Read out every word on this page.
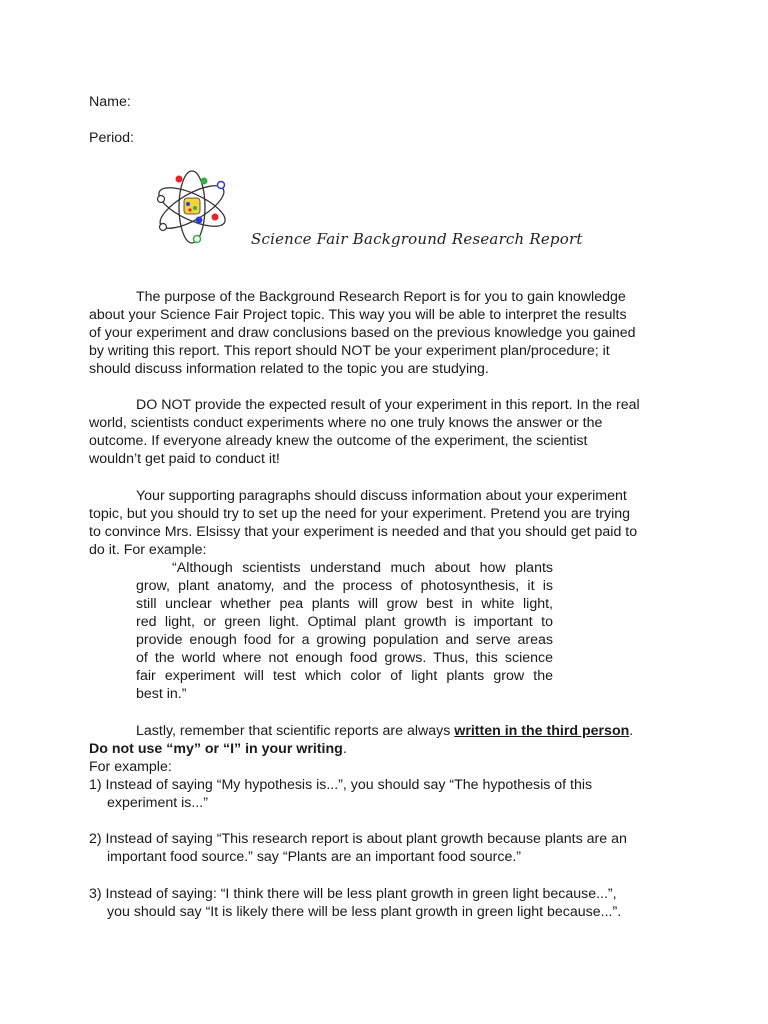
Name:
Period:
Science Fair Background Research Report
The purpose of the Background Research Report is for you to gain knowledge
about your Science Fair Project topic. This way you will be able to interpret the results
of your experiment and draw conclusions based on the previous knowledge you gained
by writing this report. This report should NOT be your experiment plan/procedure; it
should discuss information related to the topic you are studying.
DO NOT provide the expected result of your experiment in this report. In the real
world, scientists conduct experiments where no one truly knows the answer or the
outcome. If everyone already knew the outcome of the experiment, the scientist
wouldn’t get paid to conduct it!
Your supporting paragraphs should discuss information about your experiment
topic, but you should try to set up the need for your experiment. Pretend you are trying
to convince Mrs. Elsissy that your experiment is needed and that you should get paid to
do it. For example:
“Although scientists understand much about how plants
grow, plant anatomy, and the process of photosynthesis, it is
still unclear whether pea plants will grow best in white light,
red light, or green light. Optimal plant growth is important to
provide enough food for a growing population and serve areas
of the world where not enough food grows. Thus, this science
fair experiment will test which color of light plants grow the
best in.”
Lastly, remember that scientific reports are always written in the third person.
Do not use “my” or “I” in your writing.
For example:
1) Instead of saying “My hypothesis is...”, you should say “The hypothesis of this
experiment is...”
2) Instead of saying “This research report is about plant growth because plants are an
important food source.” say “Plants are an important food source.”
3) Instead of saying: “I think there will be less plant growth in green light because...”,
you should say “It is likely there will be less plant growth in green light because...”.
